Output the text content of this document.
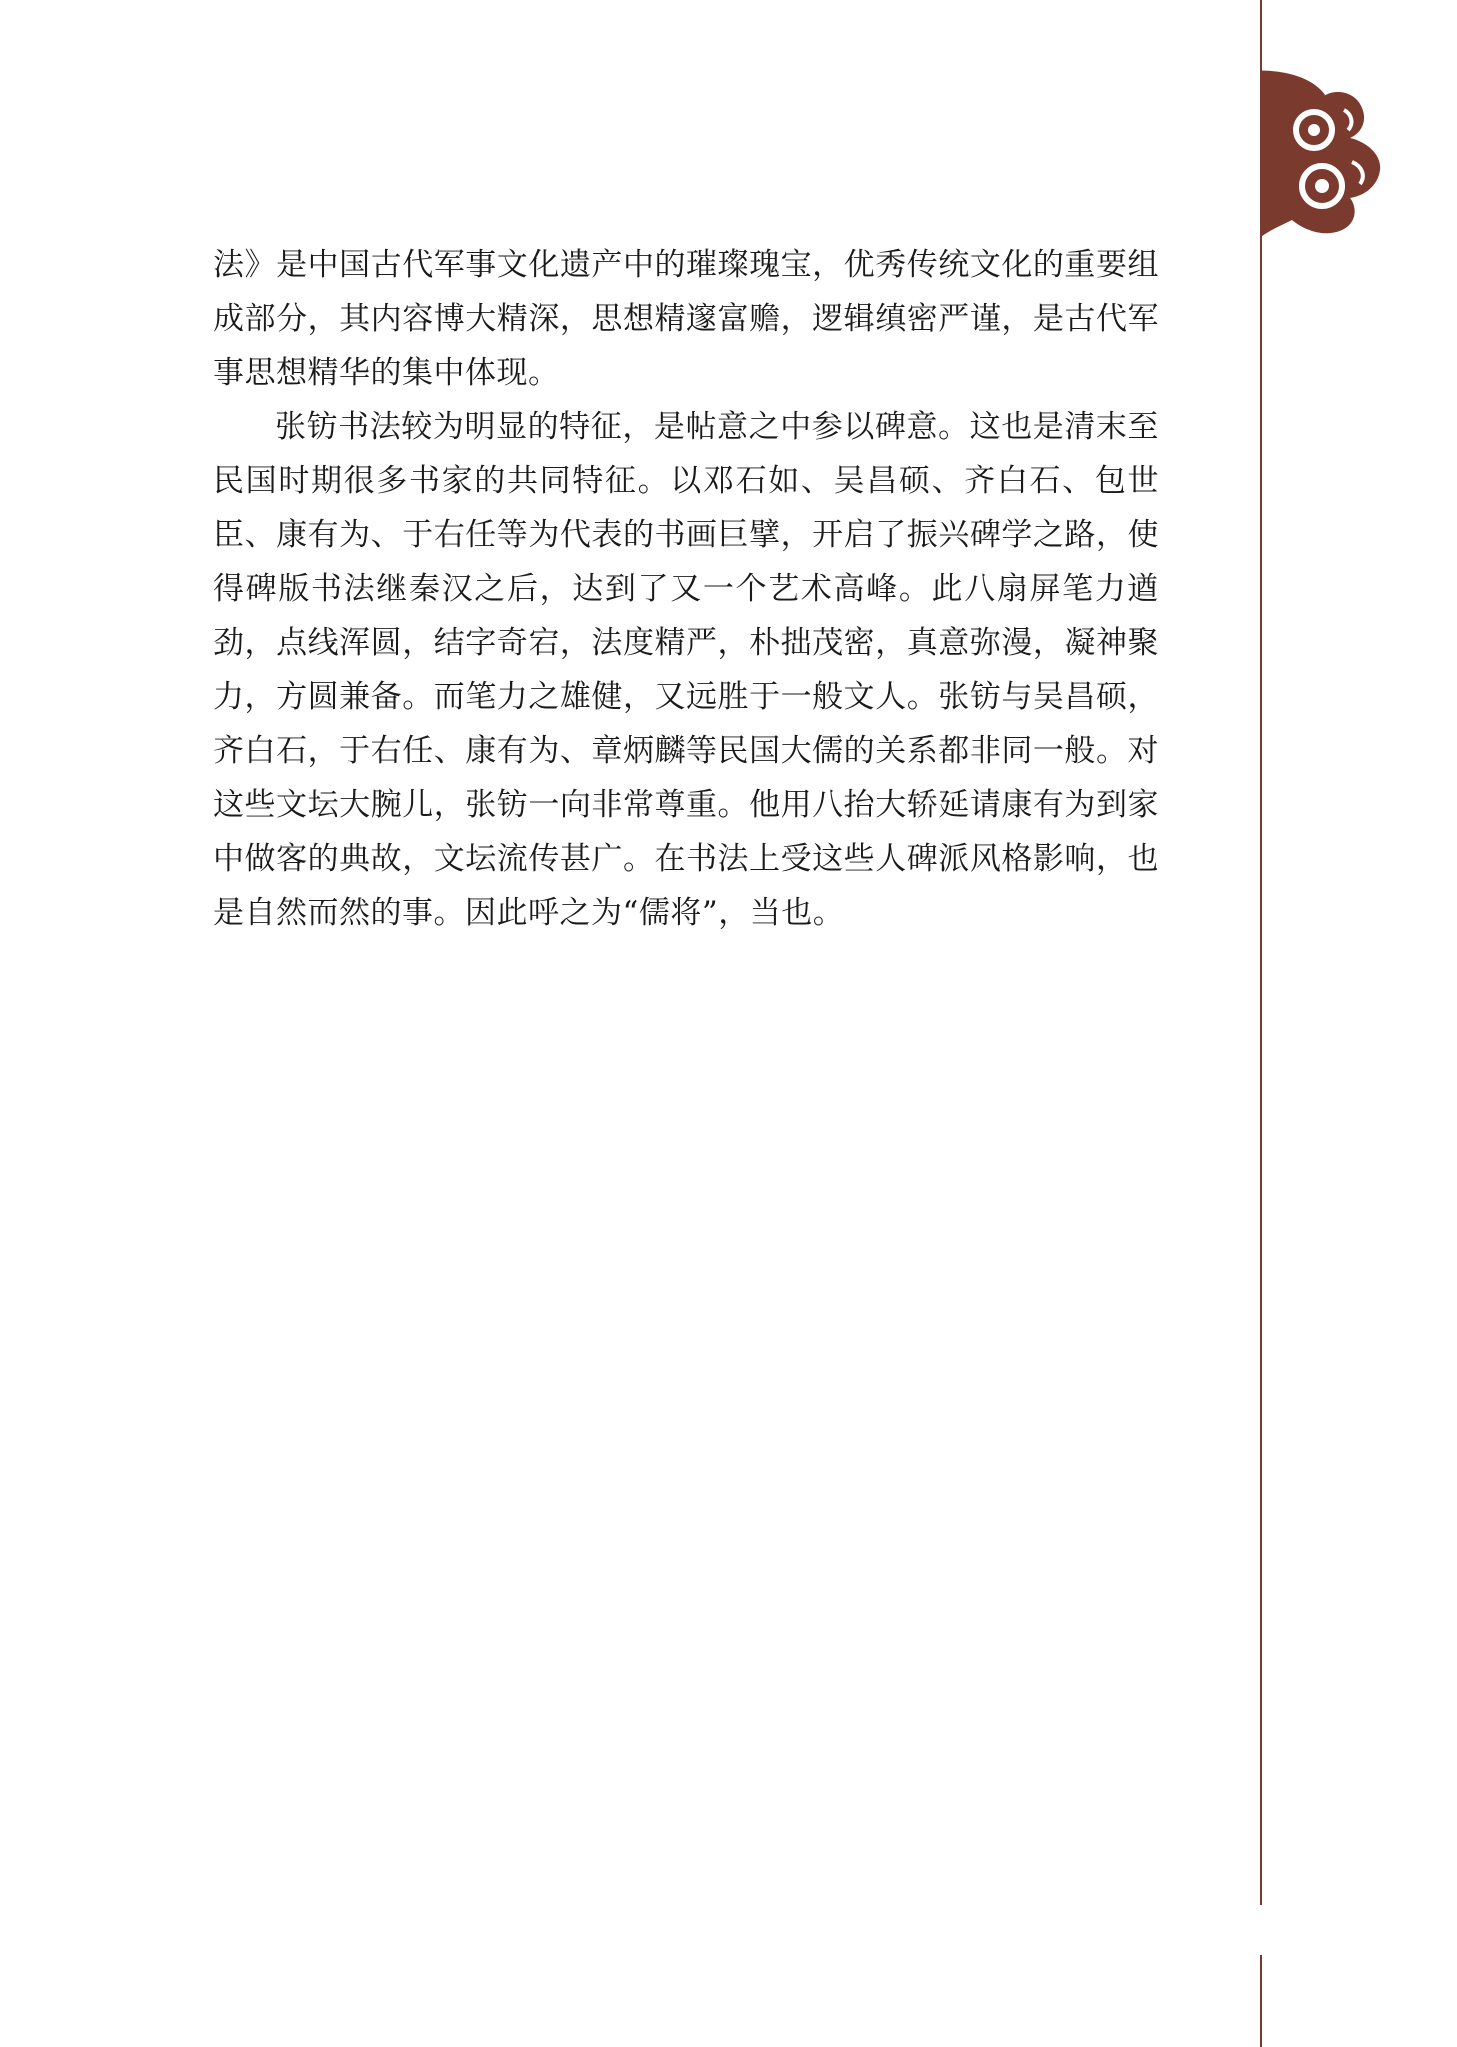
法》是中国古代军事文化遗产中的璀璨瑰宝，优秀传统文化的重要组成部分，其内容博大精深，思想精邃富赡，逻辑缜密严谨，是古代军事思想精华的集中体现。

张钫书法较为明显的特征，是帖意之中参以碑意。这也是清末至民国时期很多书家的共同特征。以邓石如、吴昌硕、齐白石、包世臣、康有为、于右任等为代表的书画巨擘，开启了振兴碑学之路，使得碑版书法继秦汉之后，达到了又一个艺术高峰。此八扇屏笔力遒劲，点线浑圆，结字奇宕，法度精严，朴拙茂密，真意弥漫，凝神聚力，方圆兼备。而笔力之雄健，又远胜于一般文人。张钫与吴昌硕，齐白石，于右任、康有为、章炳麟等民国大儒的关系都非同一般。对这些文坛大腕儿，张钫一向非常尊重。他用八抬大轿延请康有为到家中做客的典故，文坛流传甚广。在书法上受这些人碑派风格影响，也是自然而然的事。因此呼之为“儒将”，当也。
